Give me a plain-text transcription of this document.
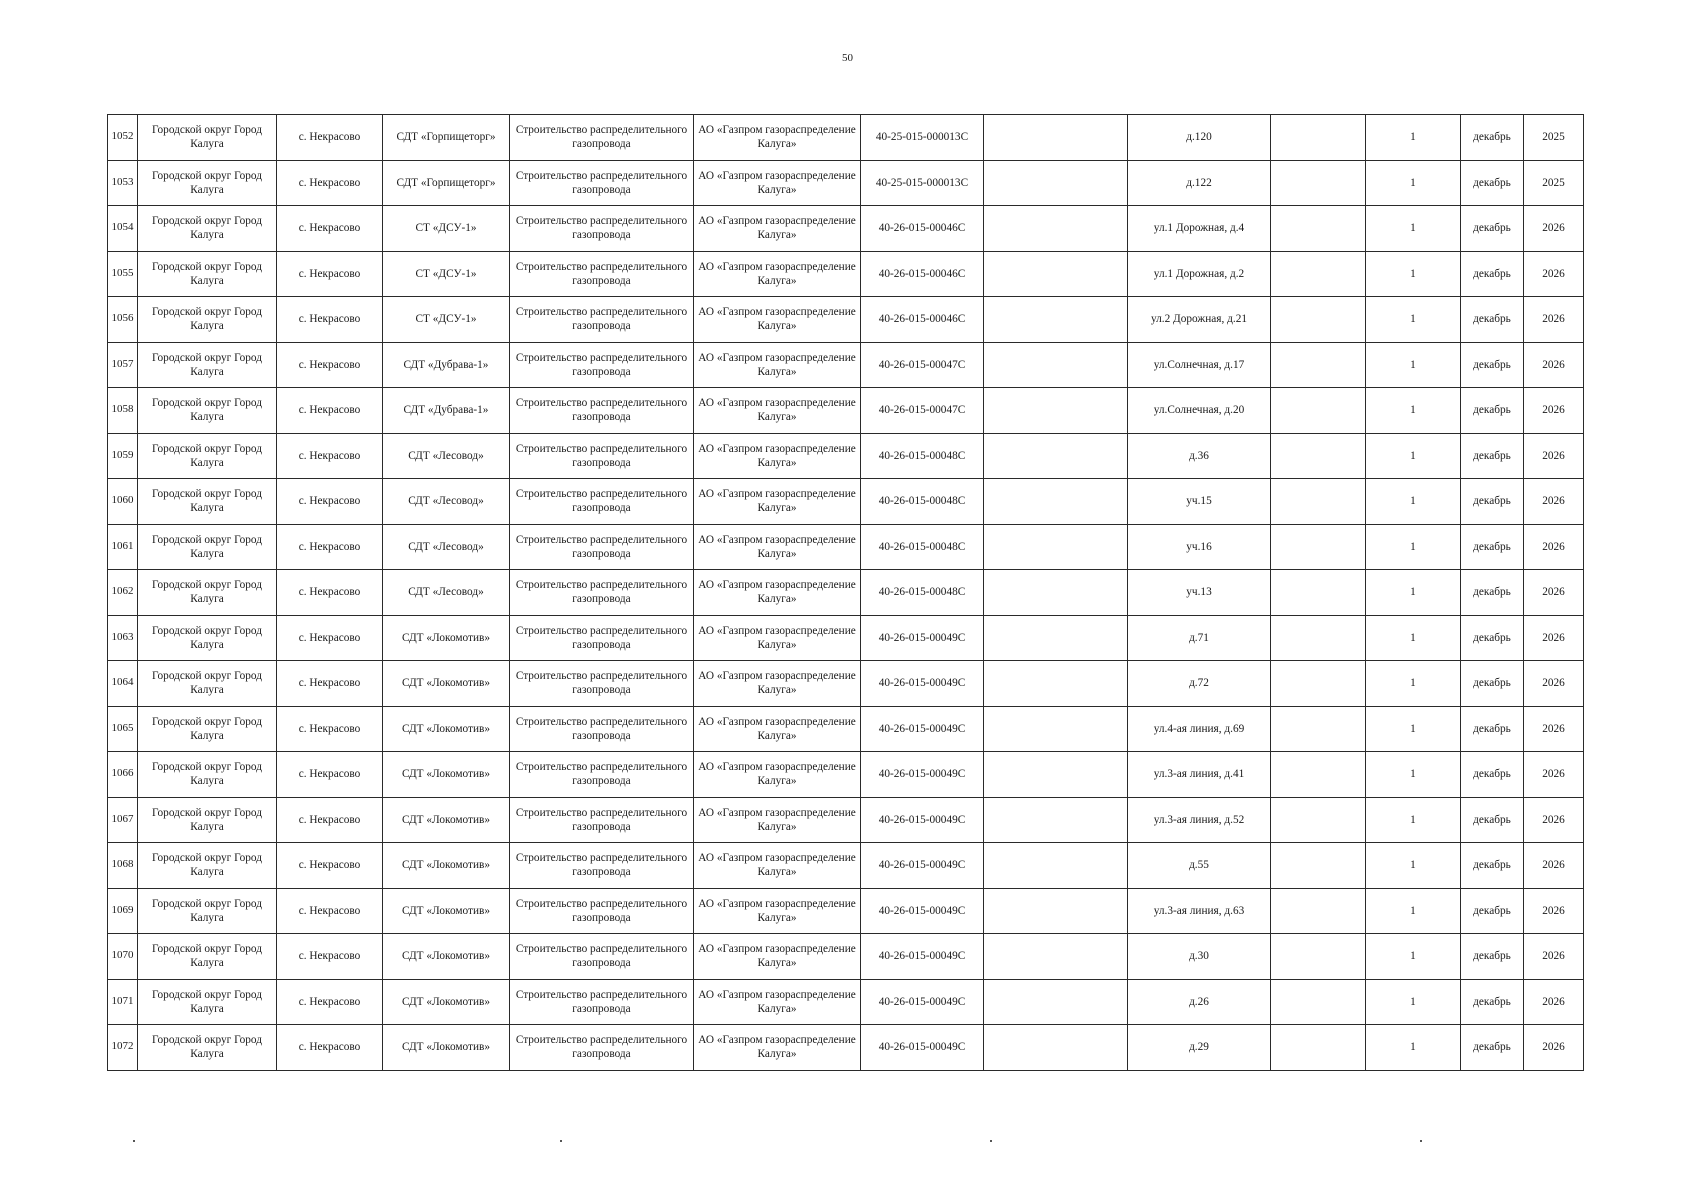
50
1052	Городской округ Город Калуга	с. Некрасово	СДТ «Горпищеторг»	Строительство распределительного газопровода	АО «Газпром газораспределение Калуга»	40-25-015-000013С		д.120		1	декабрь	2025
1053	Городской округ Город Калуга	с. Некрасово	СДТ «Горпищеторг»	Строительство распределительного газопровода	АО «Газпром газораспределение Калуга»	40-25-015-000013С		д.122		1	декабрь	2025
1054	Городской округ Город Калуга	с. Некрасово	СТ «ДСУ-1»	Строительство распределительного газопровода	АО «Газпром газораспределение Калуга»	40-26-015-00046С		ул.1 Дорожная, д.4		1	декабрь	2026
1055	Городской округ Город Калуга	с. Некрасово	СТ «ДСУ-1»	Строительство распределительного газопровода	АО «Газпром газораспределение Калуга»	40-26-015-00046С		ул.1 Дорожная, д.2		1	декабрь	2026
1056	Городской округ Город Калуга	с. Некрасово	СТ «ДСУ-1»	Строительство распределительного газопровода	АО «Газпром газораспределение Калуга»	40-26-015-00046С		ул.2 Дорожная, д.21		1	декабрь	2026
1057	Городской округ Город Калуга	с. Некрасово	СДТ «Дубрава-1»	Строительство распределительного газопровода	АО «Газпром газораспределение Калуга»	40-26-015-00047С		ул.Солнечная, д.17		1	декабрь	2026
1058	Городской округ Город Калуга	с. Некрасово	СДТ «Дубрава-1»	Строительство распределительного газопровода	АО «Газпром газораспределение Калуга»	40-26-015-00047С		ул.Солнечная, д.20		1	декабрь	2026
1059	Городской округ Город Калуга	с. Некрасово	СДТ «Лесовод»	Строительство распределительного газопровода	АО «Газпром газораспределение Калуга»	40-26-015-00048С		д.36		1	декабрь	2026
1060	Городской округ Город Калуга	с. Некрасово	СДТ «Лесовод»	Строительство распределительного газопровода	АО «Газпром газораспределение Калуга»	40-26-015-00048С		уч.15		1	декабрь	2026
1061	Городской округ Город Калуга	с. Некрасово	СДТ «Лесовод»	Строительство распределительного газопровода	АО «Газпром газораспределение Калуга»	40-26-015-00048С		уч.16		1	декабрь	2026
1062	Городской округ Город Калуга	с. Некрасово	СДТ «Лесовод»	Строительство распределительного газопровода	АО «Газпром газораспределение Калуга»	40-26-015-00048С		уч.13		1	декабрь	2026
1063	Городской округ Город Калуга	с. Некрасово	СДТ «Локомотив»	Строительство распределительного газопровода	АО «Газпром газораспределение Калуга»	40-26-015-00049С		д.71		1	декабрь	2026
1064	Городской округ Город Калуга	с. Некрасово	СДТ «Локомотив»	Строительство распределительного газопровода	АО «Газпром газораспределение Калуга»	40-26-015-00049С		д.72		1	декабрь	2026
1065	Городской округ Город Калуга	с. Некрасово	СДТ «Локомотив»	Строительство распределительного газопровода	АО «Газпром газораспределение Калуга»	40-26-015-00049С		ул.4-ая линия, д.69		1	декабрь	2026
1066	Городской округ Город Калуга	с. Некрасово	СДТ «Локомотив»	Строительство распределительного газопровода	АО «Газпром газораспределение Калуга»	40-26-015-00049С		ул.3-ая линия, д.41		1	декабрь	2026
1067	Городской округ Город Калуга	с. Некрасово	СДТ «Локомотив»	Строительство распределительного газопровода	АО «Газпром газораспределение Калуга»	40-26-015-00049С		ул.3-ая линия, д.52		1	декабрь	2026
1068	Городской округ Город Калуга	с. Некрасово	СДТ «Локомотив»	Строительство распределительного газопровода	АО «Газпром газораспределение Калуга»	40-26-015-00049С		д.55		1	декабрь	2026
1069	Городской округ Город Калуга	с. Некрасово	СДТ «Локомотив»	Строительство распределительного газопровода	АО «Газпром газораспределение Калуга»	40-26-015-00049С		ул.3-ая линия, д.63		1	декабрь	2026
1070	Городской округ Город Калуга	с. Некрасово	СДТ «Локомотив»	Строительство распределительного газопровода	АО «Газпром газораспределение Калуга»	40-26-015-00049С		д.30		1	декабрь	2026
1071	Городской округ Город Калуга	с. Некрасово	СДТ «Локомотив»	Строительство распределительного газопровода	АО «Газпром газораспределение Калуга»	40-26-015-00049С		д.26		1	декабрь	2026
1072	Городской округ Город Калуга	с. Некрасово	СДТ «Локомотив»	Строительство распределительного газопровода	АО «Газпром газораспределение Калуга»	40-26-015-00049С		д.29		1	декабрь	2026
